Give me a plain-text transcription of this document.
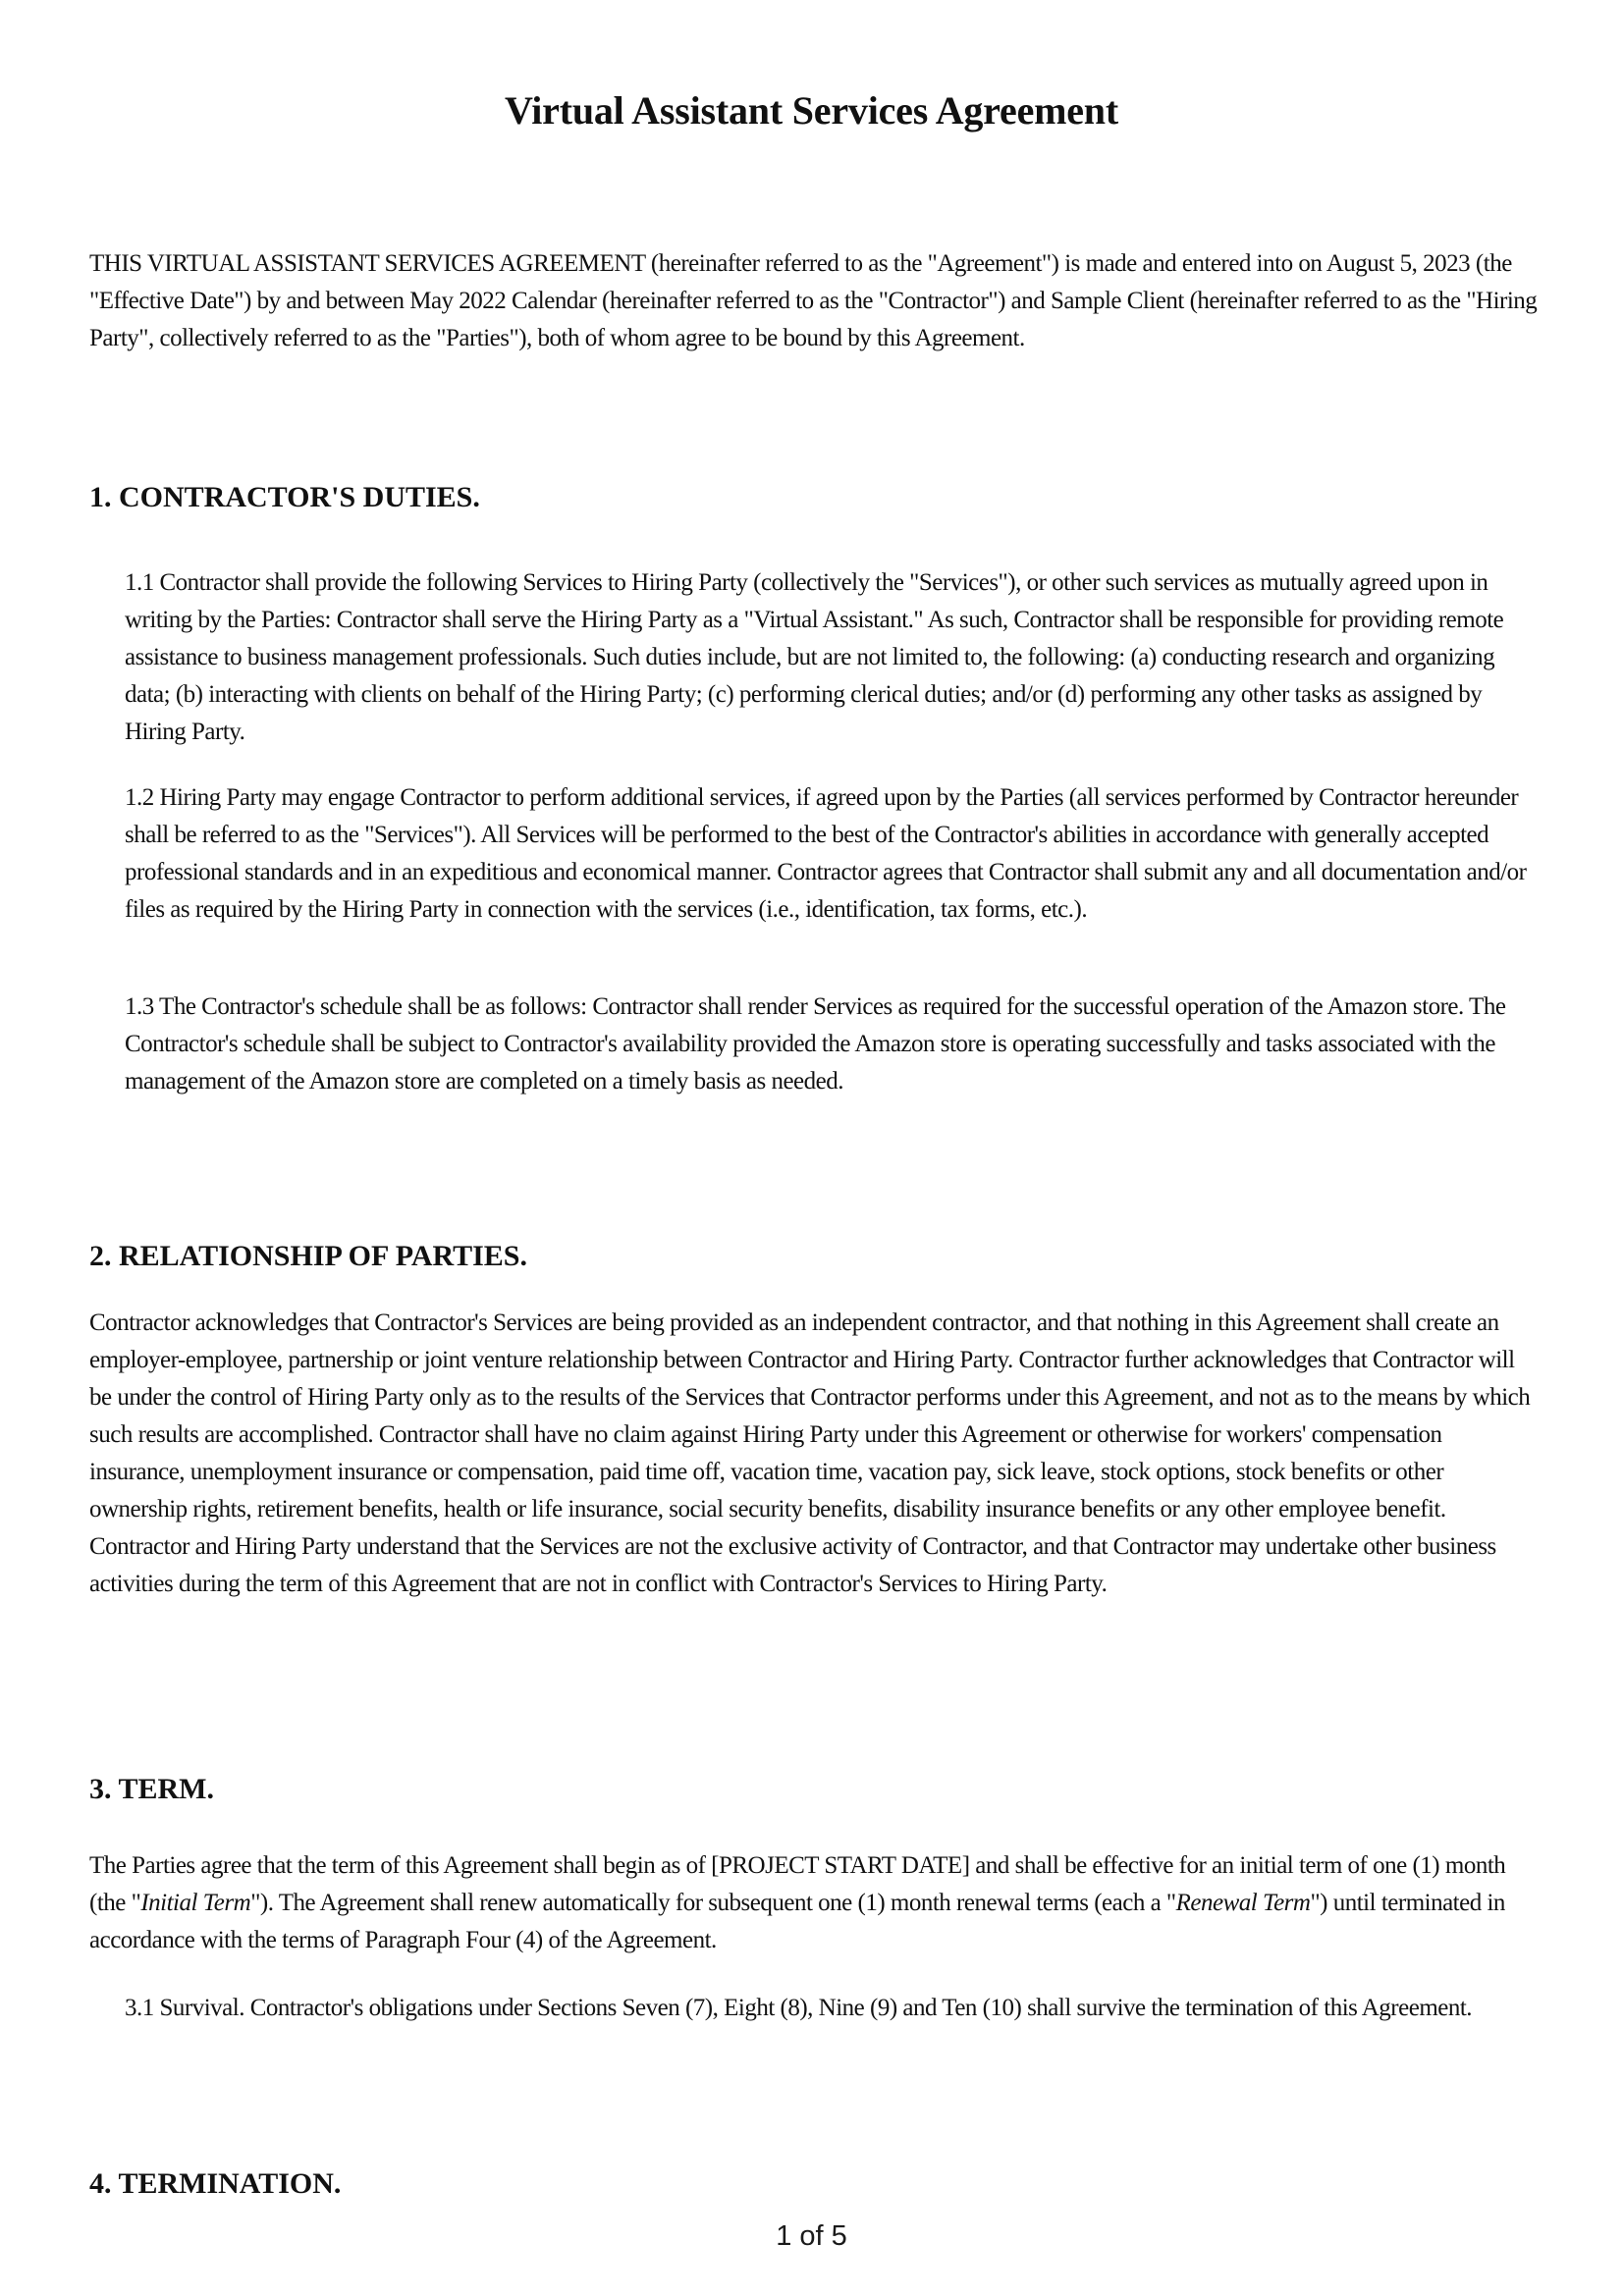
Virtual Assistant Services Agreement

THIS VIRTUAL ASSISTANT SERVICES AGREEMENT (hereinafter referred to as the "Agreement") is made and entered into on August 5, 2023 (the "Effective Date") by and between May 2022 Calendar (hereinafter referred to as the "Contractor") and Sample Client (hereinafter referred to as the "Hiring Party", collectively referred to as the "Parties"), both of whom agree to be bound by this Agreement.

1. CONTRACTOR'S DUTIES.

1.1 Contractor shall provide the following Services to Hiring Party (collectively the "Services"), or other such services as mutually agreed upon in writing by the Parties: Contractor shall serve the Hiring Party as a "Virtual Assistant." As such, Contractor shall be responsible for providing remote assistance to business management professionals. Such duties include, but are not limited to, the following: (a) conducting research and organizing data; (b) interacting with clients on behalf of the Hiring Party; (c) performing clerical duties; and/or (d) performing any other tasks as assigned by Hiring Party.

1.2 Hiring Party may engage Contractor to perform additional services, if agreed upon by the Parties (all services performed by Contractor hereunder shall be referred to as the "Services"). All Services will be performed to the best of the Contractor's abilities in accordance with generally accepted professional standards and in an expeditious and economical manner. Contractor agrees that Contractor shall submit any and all documentation and/or files as required by the Hiring Party in connection with the services (i.e., identification, tax forms, etc.).

1.3 The Contractor's schedule shall be as follows: Contractor shall render Services as required for the successful operation of the Amazon store. The Contractor's schedule shall be subject to Contractor's availability provided the Amazon store is operating successfully and tasks associated with the management of the Amazon store are completed on a timely basis as needed.

2. RELATIONSHIP OF PARTIES.

Contractor acknowledges that Contractor's Services are being provided as an independent contractor, and that nothing in this Agreement shall create an employer-employee, partnership or joint venture relationship between Contractor and Hiring Party. Contractor further acknowledges that Contractor will be under the control of Hiring Party only as to the results of the Services that Contractor performs under this Agreement, and not as to the means by which such results are accomplished. Contractor shall have no claim against Hiring Party under this Agreement or otherwise for workers' compensation insurance, unemployment insurance or compensation, paid time off, vacation time, vacation pay, sick leave, stock options, stock benefits or other ownership rights, retirement benefits, health or life insurance, social security benefits, disability insurance benefits or any other employee benefit. Contractor and Hiring Party understand that the Services are not the exclusive activity of Contractor, and that Contractor may undertake other business activities during the term of this Agreement that are not in conflict with Contractor's Services to Hiring Party.

3. TERM.

The Parties agree that the term of this Agreement shall begin as of [PROJECT START DATE] and shall be effective for an initial term of one (1) month (the "Initial Term"). The Agreement shall renew automatically for subsequent one (1) month renewal terms (each a "Renewal Term") until terminated in accordance with the terms of Paragraph Four (4) of the Agreement.

3.1 Survival. Contractor's obligations under Sections Seven (7), Eight (8), Nine (9) and Ten (10) shall survive the termination of this Agreement.

4. TERMINATION.
1 of 5
